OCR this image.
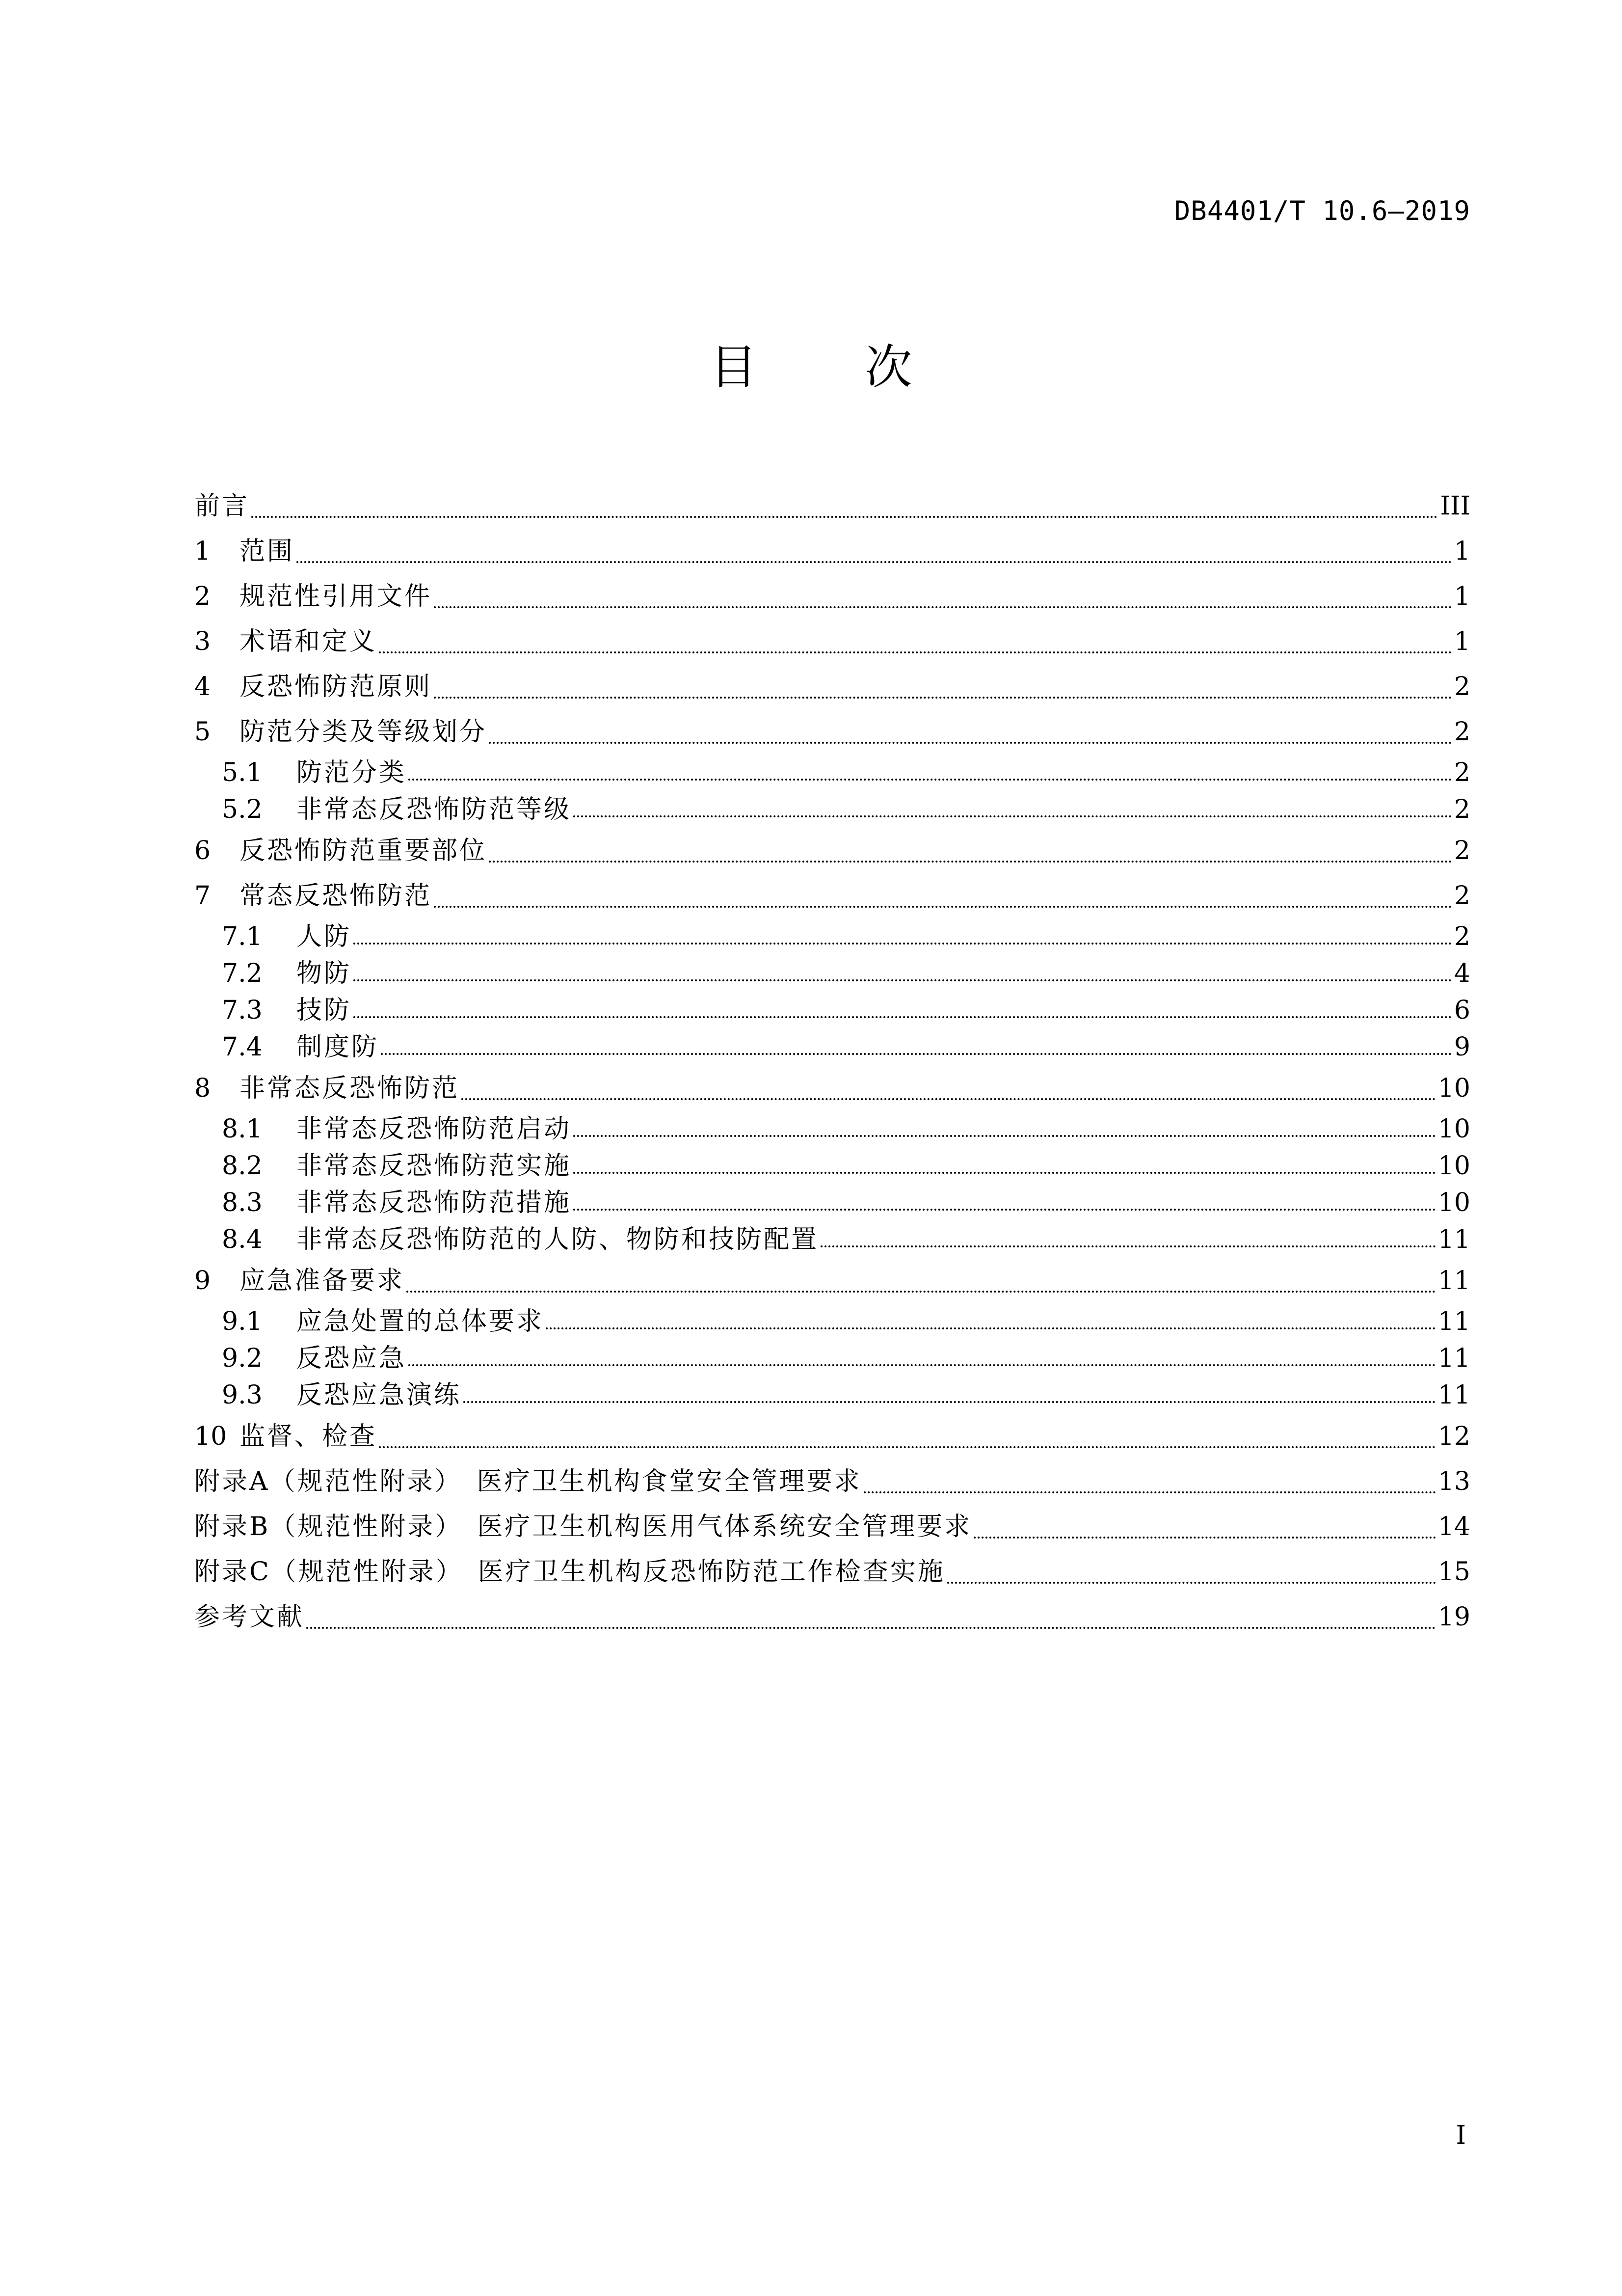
DB4401/T 10.6—2019
目次
前言	III
1	范围	1
2	规范性引用文件	1
3	术语和定义	1
4	反恐怖防范原则	2
5	防范分类及等级划分	2
5.1	防范分类	2
5.2	非常态反恐怖防范等级	2
6	反恐怖防范重要部位	2
7	常态反恐怖防范	2
7.1	人防	2
7.2	物防	4
7.3	技防	6
7.4	制度防	9
8	非常态反恐怖防范	10
8.1	非常态反恐怖防范启动	10
8.2	非常态反恐怖防范实施	10
8.3	非常态反恐怖防范措施	10
8.4	非常态反恐怖防范的人防、物防和技防配置	11
9	应急准备要求	11
9.1	应急处置的总体要求	11
9.2	反恐应急	11
9.3	反恐应急演练	11
10 监督、检查	12
附录A（规范性附录）　医疗卫生机构食堂安全管理要求	13
附录B（规范性附录）　医疗卫生机构医用气体系统安全管理要求	14
附录C（规范性附录）　医疗卫生机构反恐怖防范工作检查实施	15
参考文献	19
I
